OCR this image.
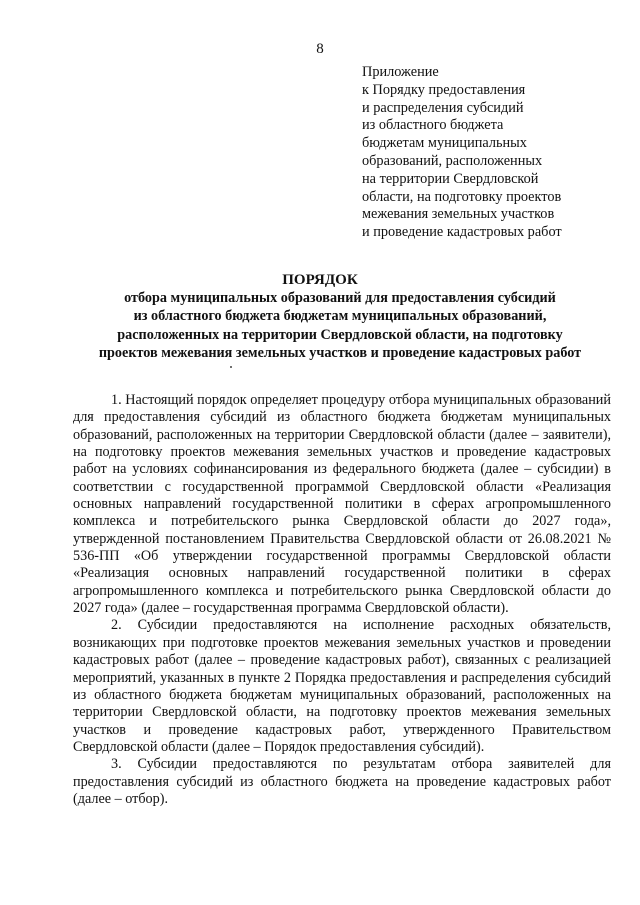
8
Приложение
к Порядку предоставления
и распределения субсидий
из областного бюджета
бюджетам муниципальных
образований, расположенных
на территории Свердловской
области, на подготовку проектов
межевания земельных участков
и проведение кадастровых работ
ПОРЯДОК
отбора муниципальных образований для предоставления субсидий
из областного бюджета бюджетам муниципальных образований,
расположенных на территории Свердловской области, на подготовку
проектов межевания земельных участков и проведение кадастровых работ

1. Настоящий порядок определяет процедуру отбора муниципальных образований для предоставления субсидий из областного бюджета бюджетам муниципальных образований, расположенных на территории Свердловской области (далее – заявители), на подготовку проектов межевания земельных участков и проведение кадастровых работ на условиях софинансирования из федерального бюджета (далее – субсидии) в соответствии с государственной программой Свердловской области «Реализация основных направлений государственной политики в сферах агропромышленного комплекса и потребительского рынка Свердловской области до 2027 года», утвержденной постановлением Правительства Свердловской области от 26.08.2021 № 536-ПП «Об утверждении государственной программы Свердловской области «Реализация основных направлений государственной политики в сферах агропромышленного комплекса и потребительского рынка Свердловской области до 2027 года» (далее – государственная программа Свердловской области).

2. Субсидии предоставляются на исполнение расходных обязательств, возникающих при подготовке проектов межевания земельных участков и проведении кадастровых работ (далее – проведение кадастровых работ), связанных с реализацией мероприятий, указанных в пункте 2 Порядка предоставления и распределения субсидий из областного бюджета бюджетам муниципальных образований, расположенных на территории Свердловской области, на подготовку проектов межевания земельных участков и проведение кадастровых работ, утвержденного Правительством Свердловской области (далее – Порядок предоставления субсидий).

3. Субсидии предоставляются по результатам отбора заявителей для предоставления субсидий из областного бюджета на проведение кадастровых работ (далее – отбор).
